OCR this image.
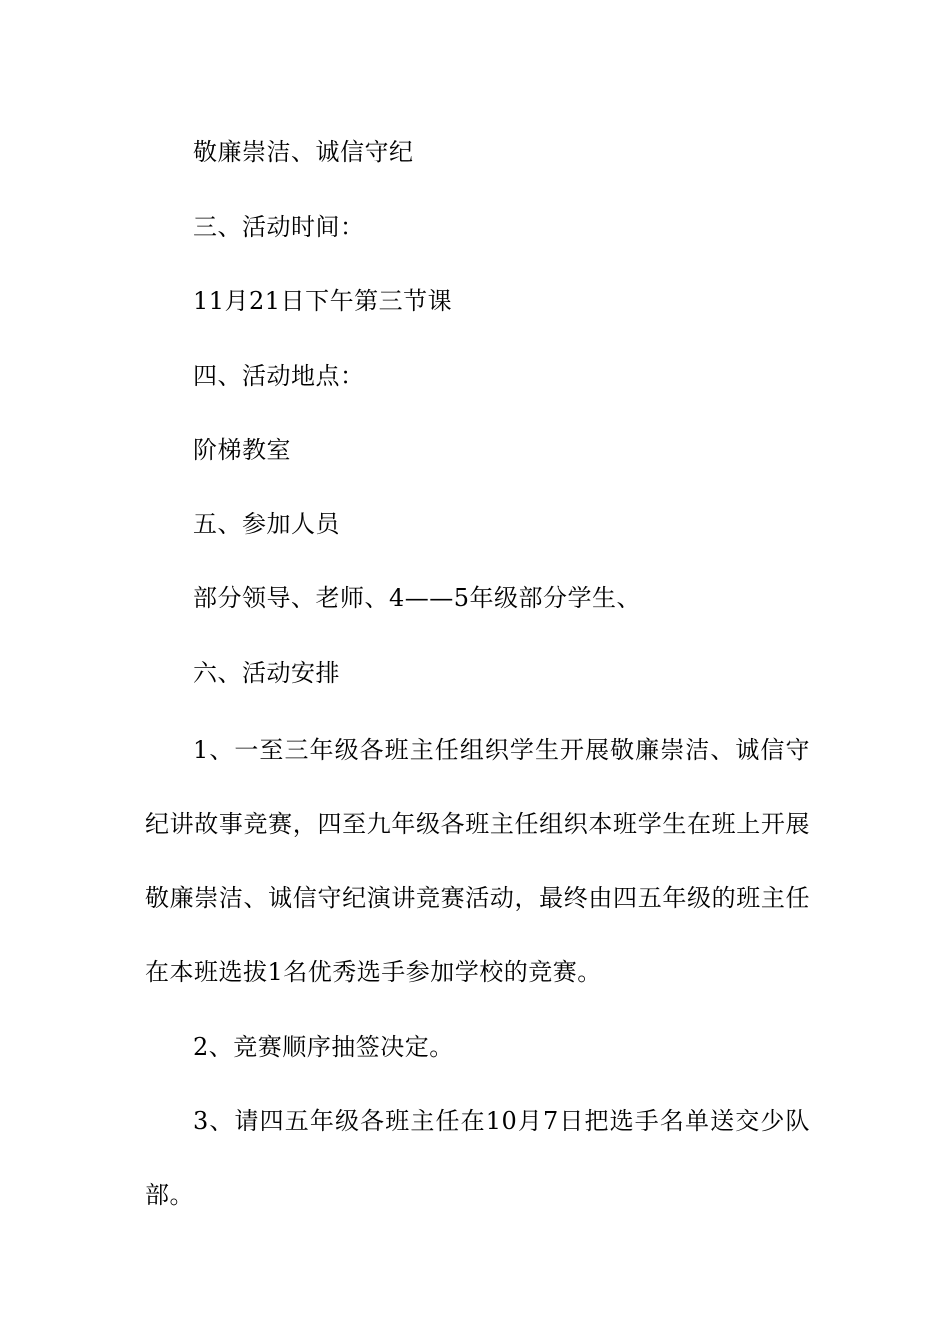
敬廉崇洁、诚信守纪
三、活动时间：
11月21日下午第三节课
四、活动地点：
阶梯教室
五、参加人员
部分领导、老师、4——5年级部分学生、
六、活动安排
1、一至三年级各班主任组织学生开展敬廉崇洁、诚信守纪讲故事竞赛，四至九年级各班主任组织本班学生在班上开展敬廉崇洁、诚信守纪演讲竞赛活动，最终由四五年级的班主任在本班选拔1名优秀选手参加学校的竞赛。
2、竞赛顺序抽签决定。
3、请四五年级各班主任在10月7日把选手名单送交少队部。
